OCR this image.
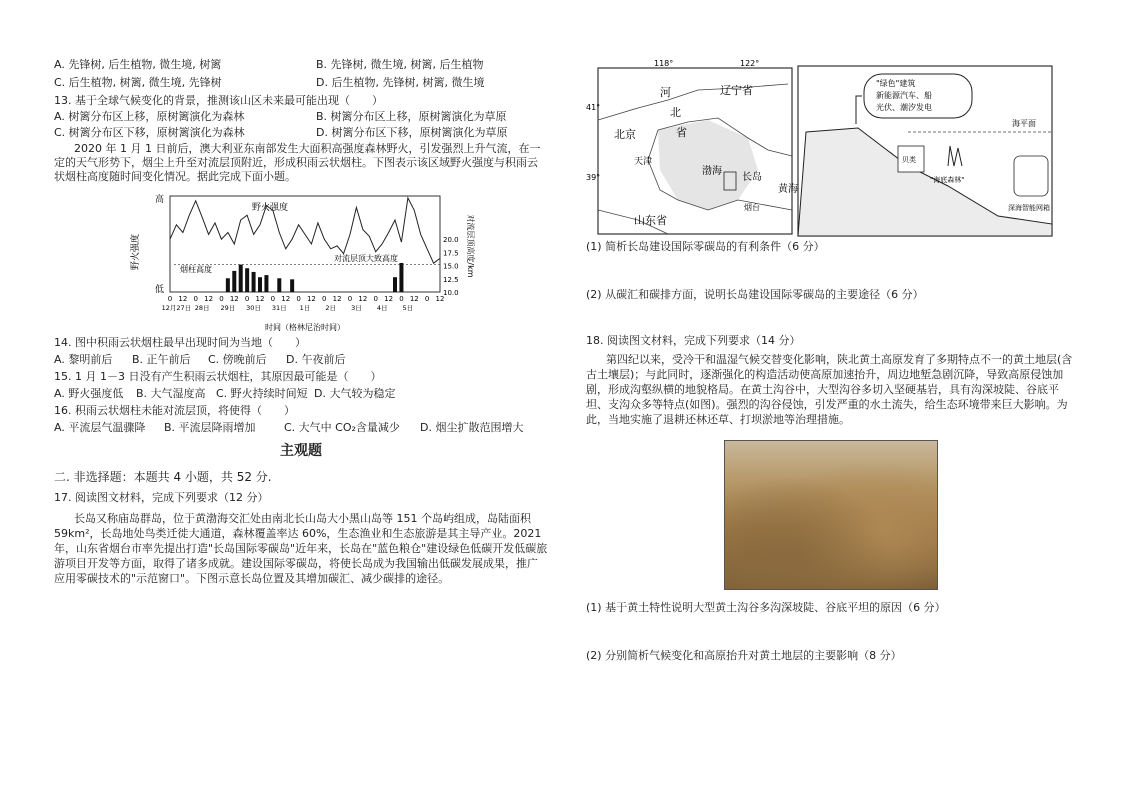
A. 先锋树, 后生植物, 微生境, 树篱	B. 先锋树, 微生境, 树篱, 后生植物
C. 后生植物, 树篱, 微生境, 先锋树	D. 后生植物, 先锋树, 树篱, 微生境
13. 基于全球气候变化的背景，推测该山区未来最可能出现（　　）
A. 树篱分布区上移，原树篱演化为森林	B. 树篱分布区上移，原树篱演化为草原
C. 树篱分布区下移，原树篱演化为森林	D. 树篱分布区下移，原树篱演化为草原
2020 年 1 月 1 日前后，澳大利亚东南部发生大面积高强度森林野火，引发强烈上升气流，在一定的天气形势下，烟尘上升至对流层顶附近，形成积雨云状烟柱。下图表示该区域野火强度与积雨云状烟柱高度随时间变化情况。据此完成下面小题。
高
低
野火强度	对流层顶高度/km
20.0
17.5
15.0
12.5
10.0
野火强度
烟柱高度
对流层顶大致高度
0 12 0 12 0 12 0 12 0 12 0 12 0 12 0 12 0 12 0 12 0 12
12月27日 28日 29日 30日 31日 1日 2日 3日 4日 5日
时间（格林尼治时间）
14. 图中积雨云状烟柱最早出现时间为当地（　　）
A. 黎明前后 B. 正午前后 C. 傍晚前后 D. 午夜前后
15. 1 月 1－3 日没有产生积雨云状烟柱，其原因最可能是（　　）
A. 野火强度低 B. 大气湿度高 C. 野火持续时间短 D. 大气较为稳定
16. 积雨云状烟柱未能对流层顶，将使得（　　）
A. 平流层气温骤降 B. 平流层降雨增加	C. 大气中 CO₂含量减少 D. 烟尘扩散范围增大
主观题
二. 非选择题：本题共 4 小题，共 52 分.
17. 阅读图文材料，完成下列要求（12 分）
长岛又称庙岛群岛，位于黄渤海交汇处由南北长山岛大小黑山岛等 151 个岛屿组成，岛陆面积 59km²，长岛地处鸟类迁徙大通道，森林覆盖率达 60%，生态渔业和生态旅游是其主导产业。2021 年，山东省烟台市率先提出打造"长岛国际零碳岛"近年来，长岛在"蓝色粮仓"建设绿色低碳开发低碳旅游项目开发等方面，取得了诸多成就。建设国际零碳岛，将使长岛成为我国输出低碳发展成果，推广应用零碳技术的"示范窗口"。下图示意长岛位置及其增加碳汇、减少碳排的途径。
118°	122°
41°
39°
河
北
省
辽宁省
北京
天津
渤海
长岛
烟台
山东省
黄海
"绿色"建筑
新能源汽车、船
光伏、潮汐发电
海平面
贝类
"海底森林"
深海智能网箱
(1) 简析长岛建设国际零碳岛的有利条件（6 分）
(2) 从碳汇和碳排方面，说明长岛建设国际零碳岛的主要途径（6 分）
18. 阅读图文材料，完成下列要求（14 分）
第四纪以来，受冷干和温湿气候交替变化影响，陕北黄土高原发育了多期特点不一的黄土地层(含古土壤层)；与此同时，逐渐强化的构造活动使高原加速抬升，周边地堑急剧沉降，导致高原侵蚀加剧，形成沟壑纵横的地貌格局。在黄土沟谷中，大型沟谷多切入坚硬基岩，具有沟深坡陡、谷底平坦、支沟众多等特点(如图)。强烈的沟谷侵蚀，引发严重的水土流失，给生态环境带来巨大影响。为此，当地实施了退耕还林还草、打坝淤地等治理措施。
(1) 基于黄土特性说明大型黄土沟谷多沟深坡陡、谷底平坦的原因（6 分）
(2) 分别简析气候变化和高原抬升对黄土地层的主要影响（8 分）
